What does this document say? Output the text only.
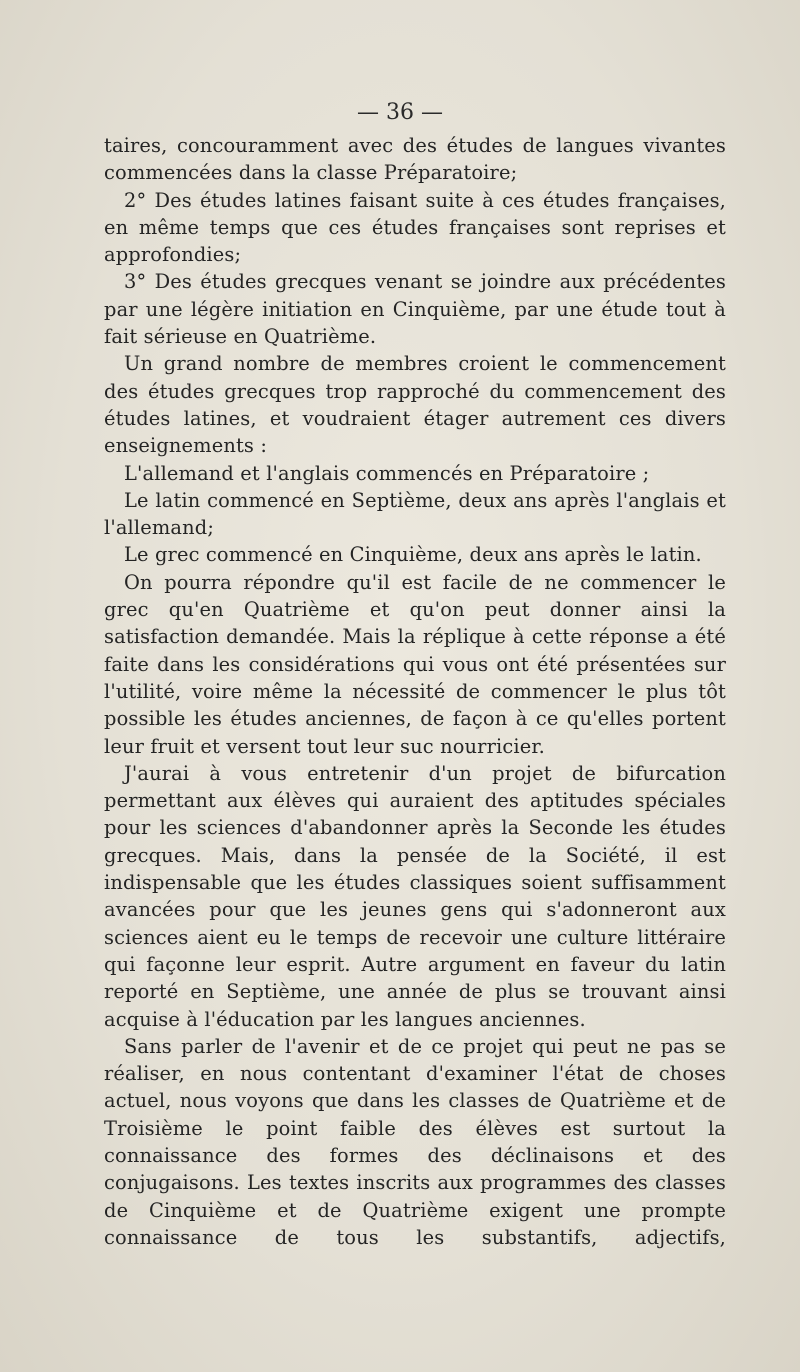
— 36 —

taires, concouramment avec des études de langues vivantes commencées dans la classe Préparatoire;

2° Des études latines faisant suite à ces études françaises, en même temps que ces études françaises sont reprises et approfondies;

3° Des études grecques venant se joindre aux précédentes par une légère initiation en Cinquième, par une étude tout à fait sérieuse en Quatrième.

Un grand nombre de membres croient le commencement des études grecques trop rapproché du commencement des études latines, et voudraient étager autrement ces divers enseignements :

L'allemand et l'anglais commencés en Préparatoire ;

Le latin commencé en Septième, deux ans après l'anglais et l'allemand;

Le grec commencé en Cinquième, deux ans après le latin.

On pourra répondre qu'il est facile de ne commencer le grec qu'en Quatrième et qu'on peut donner ainsi la satisfaction demandée. Mais la réplique à cette réponse a été faite dans les considérations qui vous ont été présentées sur l'utilité, voire même la nécessité de commencer le plus tôt possible les études anciennes, de façon à ce qu'elles portent leur fruit et versent tout leur suc nourricier.

J'aurai à vous entretenir d'un projet de bifurcation permettant aux élèves qui auraient des aptitudes spéciales pour les sciences d'abandonner après la Seconde les études grecques. Mais, dans la pensée de la Société, il est indispensable que les études classiques soient suffisamment avancées pour que les jeunes gens qui s'adonneront aux sciences aient eu le temps de recevoir une culture littéraire qui façonne leur esprit. Autre argument en faveur du latin reporté en Septième, une année de plus se trouvant ainsi acquise à l'éducation par les langues anciennes.

Sans parler de l'avenir et de ce projet qui peut ne pas se réaliser, en nous contentant d'examiner l'état de choses actuel, nous voyons que dans les classes de Quatrième et de Troisième le point faible des élèves est surtout la connaissance des formes des déclinaisons et des conjugaisons. Les textes inscrits aux programmes des classes de Cinquième et de Quatrième exigent une prompte connaissance de tous les substantifs, adjectifs,
